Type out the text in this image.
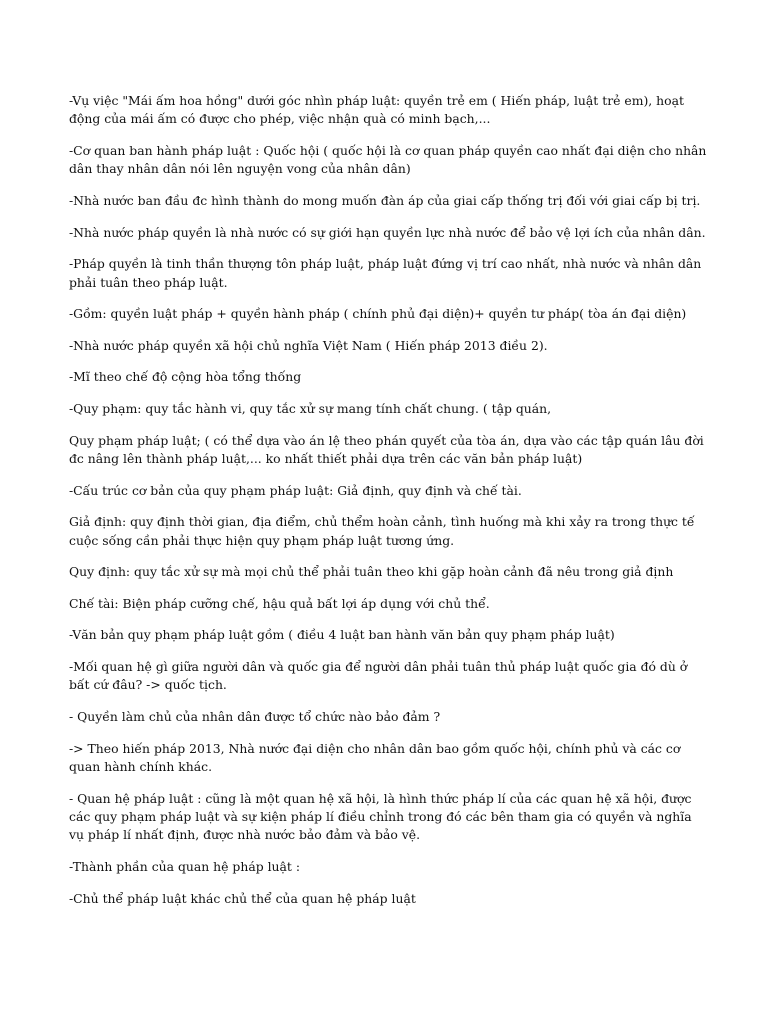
-Vụ việc "Mái ấm hoa hồng" dưới góc nhìn pháp luật: quyền trẻ em ( Hiến pháp, luật trẻ em), hoạt động của mái ấm có được cho phép, việc nhận quà có minh bạch,...

-Cơ quan ban hành pháp luật : Quốc hội ( quốc hội là cơ quan pháp quyền cao nhất đại diện cho nhân dân thay nhân dân nói lên nguyện vong của nhân dân)

-Nhà nước ban đầu đc hình thành do mong muốn đàn áp của giai cấp thống trị đối với giai cấp bị trị.

-Nhà nước pháp quyền là nhà nước có sự giới hạn quyền lực nhà nước để bảo vệ lợi ích của nhân dân.

-Pháp quyền là tinh thần thượng tôn pháp luật, pháp luật đứng vị trí cao nhất, nhà nước và nhân dân phải tuân theo pháp luật.

-Gồm: quyền luật pháp + quyền hành pháp ( chính phủ đại diện)+ quyền tư pháp( tòa án đại diện)

-Nhà nước pháp quyền xã hội chủ nghĩa Việt Nam ( Hiến pháp 2013 điều 2).

-Mĩ theo chế độ cộng hòa tổng thống

-Quy phạm: quy tắc hành vi, quy tắc xử sự mang tính chất chung. ( tập quán,

Quy phạm pháp luật; ( có thể dựa vào án lệ theo phán quyết của tòa án, dựa vào các tập quán lâu đời đc nâng lên thành pháp luật,... ko nhất thiết phải dựa trên các văn bản pháp luật)

-Cấu trúc cơ bản của quy phạm pháp luật: Giả định, quy định và chế tài.

Giả định: quy định thời gian, địa điểm, chủ thểm hoàn cảnh, tình huống mà khi xảy ra trong thực tế cuộc sống cần phải thực hiện quy phạm pháp luật tương ứng.

Quy định: quy tắc xử sự mà mọi chủ thể phải tuân theo khi gặp hoàn cảnh đã nêu trong giả định

Chế tài: Biện pháp cưỡng chế, hậu quả bất lợi áp dụng với chủ thể.

-Văn bản quy phạm pháp luật gồm ( điều 4 luật ban hành văn bản quy phạm pháp luật)

-Mối quan hệ gì giữa người dân và quốc gia để người dân phải tuân thủ pháp luật quốc gia đó dù ở bất cứ đâu? -> quốc tịch.

- Quyền làm chủ của nhân dân được tổ chức nào bảo đảm ?

-> Theo hiến pháp 2013, Nhà nước đại diện cho nhân dân bao gồm quốc hội, chính phủ và các cơ quan hành chính khác.

- Quan hệ pháp luật : cũng là một quan hệ xã hội, là hình thức pháp lí của các quan hệ xã hội, được các quy phạm pháp luật và sự kiện pháp lí điều chỉnh trong đó các bên tham gia có quyền và nghĩa vụ pháp lí nhất định, được nhà nước bảo đảm và bảo vệ.

-Thành phần của quan hệ pháp luật :

-Chủ thể pháp luật khác chủ thể của quan hệ pháp luật
